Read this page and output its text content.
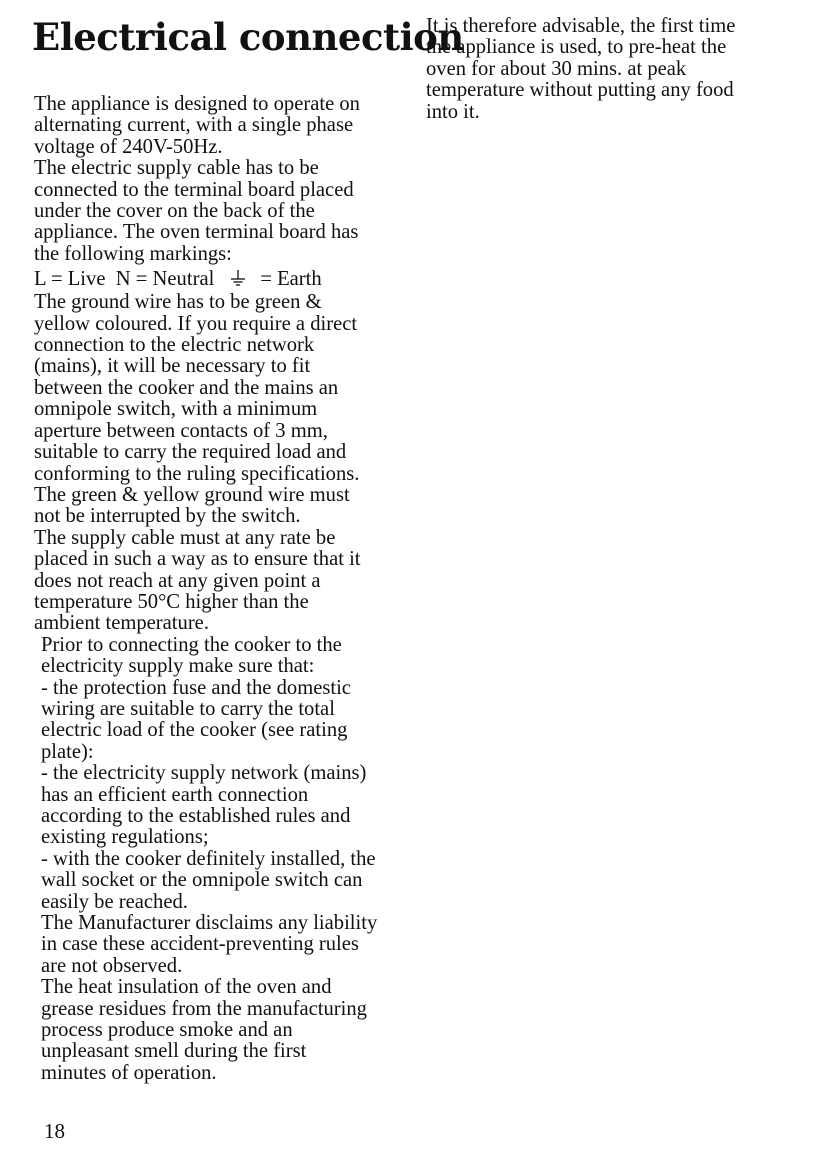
Electrical connection
The appliance is designed to operate on
alternating current, with a single phase
voltage of 240V-50Hz.
The electric supply cable has to be
connected to the terminal board placed
under the cover on the back of the
appliance. The oven terminal board has
the following markings:
L = Live N = Neutral = Earth
The ground wire has to be green &
yellow coloured. If you require a direct
connection to the electric network
(mains), it will be necessary to fit
between the cooker and the mains an
omnipole switch, with a minimum
aperture between contacts of 3 mm,
suitable to carry the required load and
conforming to the ruling specifications.
The green & yellow ground wire must
not be interrupted by the switch.
The supply cable must at any rate be
placed in such a way as to ensure that it
does not reach at any given point a
temperature 50°C higher than the
ambient temperature.
Prior to connecting the cooker to the
electricity supply make sure that:
- the protection fuse and the domestic
wiring are suitable to carry the total
electric load of the cooker (see rating
plate):
- the electricity supply network (mains)
has an efficient earth connection
according to the established rules and
existing regulations;
- with the cooker definitely installed, the
wall socket or the omnipole switch can
easily be reached.
The Manufacturer disclaims any liability
in case these accident-preventing rules
are not observed.
The heat insulation of the oven and
grease residues from the manufacturing
process produce smoke and an
unpleasant smell during the first
minutes of operation.
It is therefore advisable, the first time
the appliance is used, to pre-heat the
oven for about 30 mins. at peak
temperature without putting any food
into it.
18
